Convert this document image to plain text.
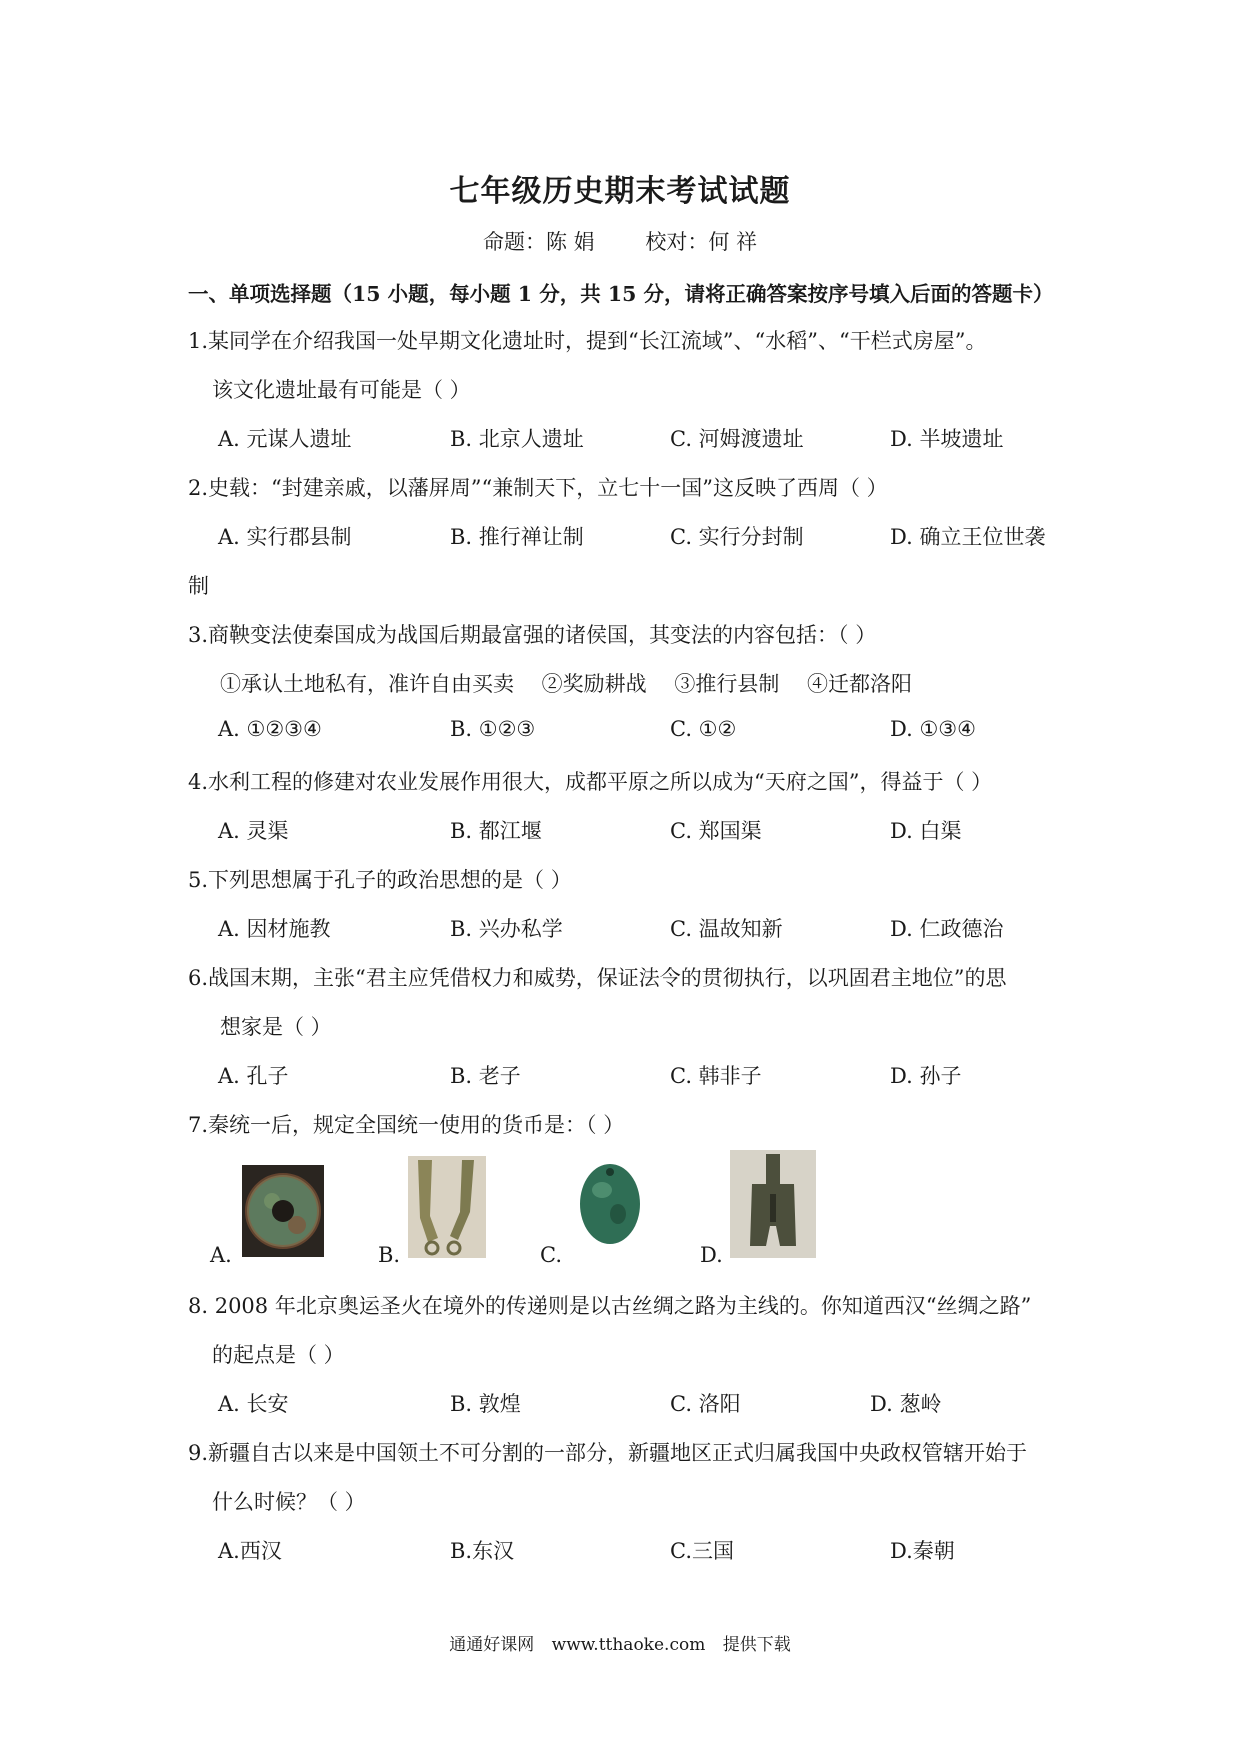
七年级历史期末考试试题
命题：陈 娟 校对：何 祥
一、单项选择题（15 小题，每小题 1 分，共 15 分，请将正确答案按序号填入后面的答题卡）
1.某同学在介绍我国一处早期文化遗址时，提到“长江流域”、“水稻”、“干栏式房屋”。
该文化遗址最有可能是（ ）
A. 元谋人遗址	B. 北京人遗址	C. 河姆渡遗址	D. 半坡遗址
2.史载：“封建亲戚，以藩屏周”“兼制天下，立七十一国”这反映了西周（ ）
A. 实行郡县制	B. 推行禅让制	C. 实行分封制	D. 确立王位世袭
制
3.商鞅变法使秦国成为战国后期最富强的诸侯国，其变法的内容包括：（ ）
①承认土地私有，准许自由买卖　 ②奖励耕战　 ③推行县制　 ④迁都洛阳
A. ①②③④	B. ①②③	C. ①②	D. ①③④
4.水利工程的修建对农业发展作用很大，成都平原之所以成为“天府之国”，得益于（ ）
A. 灵渠	B. 都江堰	C. 郑国渠	D. 白渠
5.下列思想属于孔子的政治思想的是（ ）
A. 因材施教	B. 兴办私学	C. 温故知新	D. 仁政德治
6.战国末期，主张“君主应凭借权力和威势，保证法令的贯彻执行，以巩固君主地位”的思
想家是（ ）
A. 孔子	B. 老子	C. 韩非子	D. 孙子
7.秦统一后，规定全国统一使用的货币是：（ ）
A.	B.	C.	D.
8. 2008 年北京奥运圣火在境外的传递则是以古丝绸之路为主线的。你知道西汉“丝绸之路”
的起点是（ ）
A. 长安	B. 敦煌	C. 洛阳	D. 葱岭
9.新疆自古以来是中国领土不可分割的一部分，新疆地区正式归属我国中央政权管辖开始于
什么时候？（ ）
A.西汉	B.东汉	C.三国	D.秦朝
通通好课网 www.tthaoke.com 提供下载
